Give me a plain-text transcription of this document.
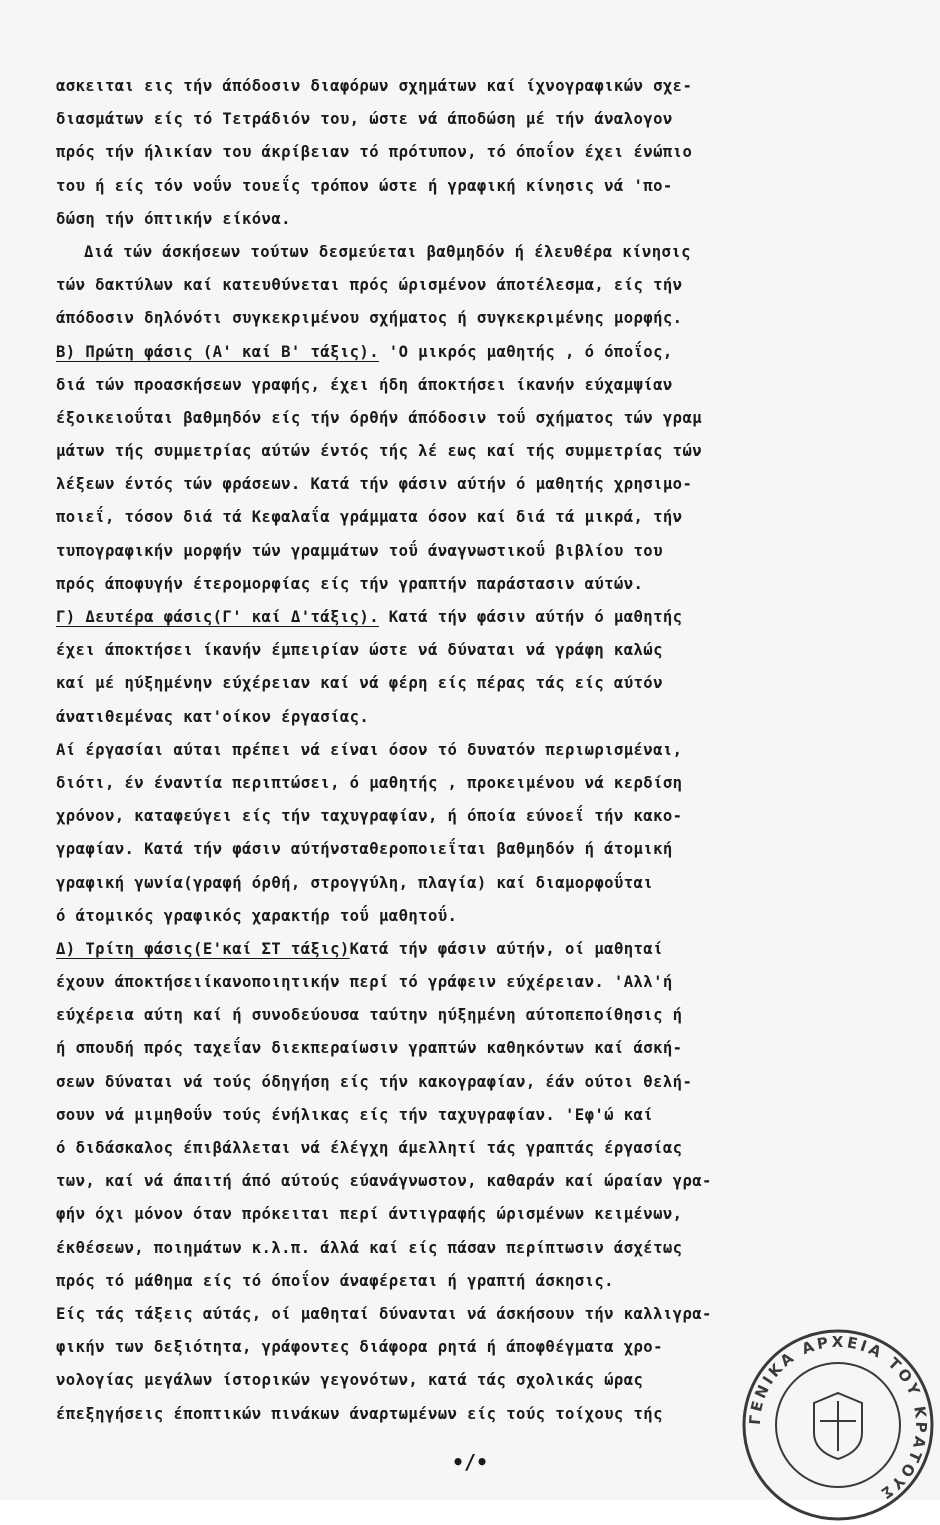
ασκειται εις τήν άπόδοσιν διαφόρων σχημάτων καί ίχνογραφικών σχε-
διασμάτων είς τό Τετράδιόν του, ώστε νά άποδώση μέ τήν άναλογον
πρός τήν ήλικίαν του άκρίβειαν τό πρότυπον, τό όποΐον έχει ένώπιο
του ή είς τόν νοΰν τουεΐς τρόπον ώστε ή γραφική κίνησις νά 'πο-
δώση τήν όπτικήν είκόνα.
Διά τών άσκήσεων τούτων δεσμεύεται βαθμηδόν ή έλευθέρα κίνησις
τών δακτύλων καί κατευθύνεται πρός ώρισμένον άποτέλεσμα, είς τήν
άπόδοσιν δηλόνότι συγκεκριμένου σχήματος ή συγκεκριμένης μορφής.
Β) Πρώτη φάσις (Α' καί Β' τάξις). 'Ο μικρός μαθητής , ό όποΐος,
διά τών προασκήσεων γραφής, έχει ήδη άποκτήσει ίκανήν εύχαμψίαν
έξοικειοΰται βαθμηδόν είς τήν όρθήν άπόδοσιν τοΰ σχήματος τών γραμ
μάτων τής συμμετρίας αύτών έντός τής λέ εως καί τής συμμετρίας τών
λέξεων έντός τών φράσεων. Κατά τήν φάσιν αύτήν ό μαθητής χρησιμο-
ποιεΐ, τόσον διά τά Κεφαλαΐα γράμματα όσον καί διά τά μικρά, τήν
τυπογραφικήν μορφήν τών γραμμάτων τοΰ άναγνωστικοΰ βιβλίου του
πρός άποφυγήν έτερομορφίας είς τήν γραπτήν παράστασιν αύτών.
Γ) Δευτέρα φάσις(Γ' καί Δ'τάξις). Κατά τήν φάσιν αύτήν ό μαθητής
έχει άποκτήσει ίκανήν έμπειρίαν ώστε νά δύναται νά γράφη καλώς
καί μέ ηύξημένην εύχέρειαν καί νά φέρη είς πέρας τάς είς αύτόν
άνατιθεμένας κατ'οίκον έργασίας.
Αί έργασίαι αύται πρέπει νά είναι όσον τό δυνατόν περιωρισμέναι,
διότι, έν έναντία περιπτώσει, ό μαθητής , προκειμένου νά κερδίση
χρόνον, καταφεύγει είς τήν ταχυγραφίαν, ή όποία εύνοεΐ τήν κακο-
γραφίαν. Κατά τήν φάσιν αύτήνσταθεροποιεΐται βαθμηδόν ή άτομική
γραφική γωνία(γραφή όρθή, στρογγύλη, πλαγία) καί διαμορφοΰται
ό άτομικός γραφικός χαρακτήρ τοΰ μαθητοΰ.
Δ) Τρίτη φάσις(Ε'καί ΣΤ τάξις)Κατά τήν φάσιν αύτήν, οί μαθηταί
έχουν άποκτήσειίκανοποιητικήν περί τό γράφειν εύχέρειαν. 'Αλλ'ή
εύχέρεια αύτη καί ή συνοδεύουσα ταύτην ηύξημένη αύτοπεποίθησις ή
ή σπουδή πρός ταχεΐαν διεκπεραίωσιν γραπτών καθηκόντων καί άσκή-
σεων δύναται νά τούς όδηγήση είς τήν κακογραφίαν, έάν ούτοι θελή-
σουν νά μιμηθοΰν τούς ένήλικας είς τήν ταχυγραφίαν. 'Εφ'ώ καί
ό διδάσκαλος έπιβάλλεται νά έλέγχη άμελλητί τάς γραπτάς έργασίας
των, καί νά άπαιτή άπό αύτούς εύανάγνωστον, καθαράν καί ώραίαν γρα-
φήν όχι μόνον όταν πρόκειται περί άντιγραφής ώρισμένων κειμένων,
έκθέσεων, ποιημάτων κ.λ.π. άλλά καί είς πάσαν περίπτωσιν άσχέτως
πρός τό μάθημα είς τό όποΐον άναφέρεται ή γραπτή άσκησις.
Είς τάς τάξεις αύτάς, οί μαθηταί δύνανται νά άσκήσουν τήν καλλιγρα-
φικήν των δεξιότητα, γράφοντες διάφορα ρητά ή άποφθέγματα χρο-
νολογίας μεγάλων ίστορικών γεγονότων, κατά τάς σχολικάς ώρας
έπεξηγήσεις έποπτικών πινάκων άναρτωμένων είς τούς τοίχους τής
•/•
ΓΕΝΙΚΑ ΑΡΧΕΙΑ ΤΟΥ ΚΡΑΤΟΥΣ
